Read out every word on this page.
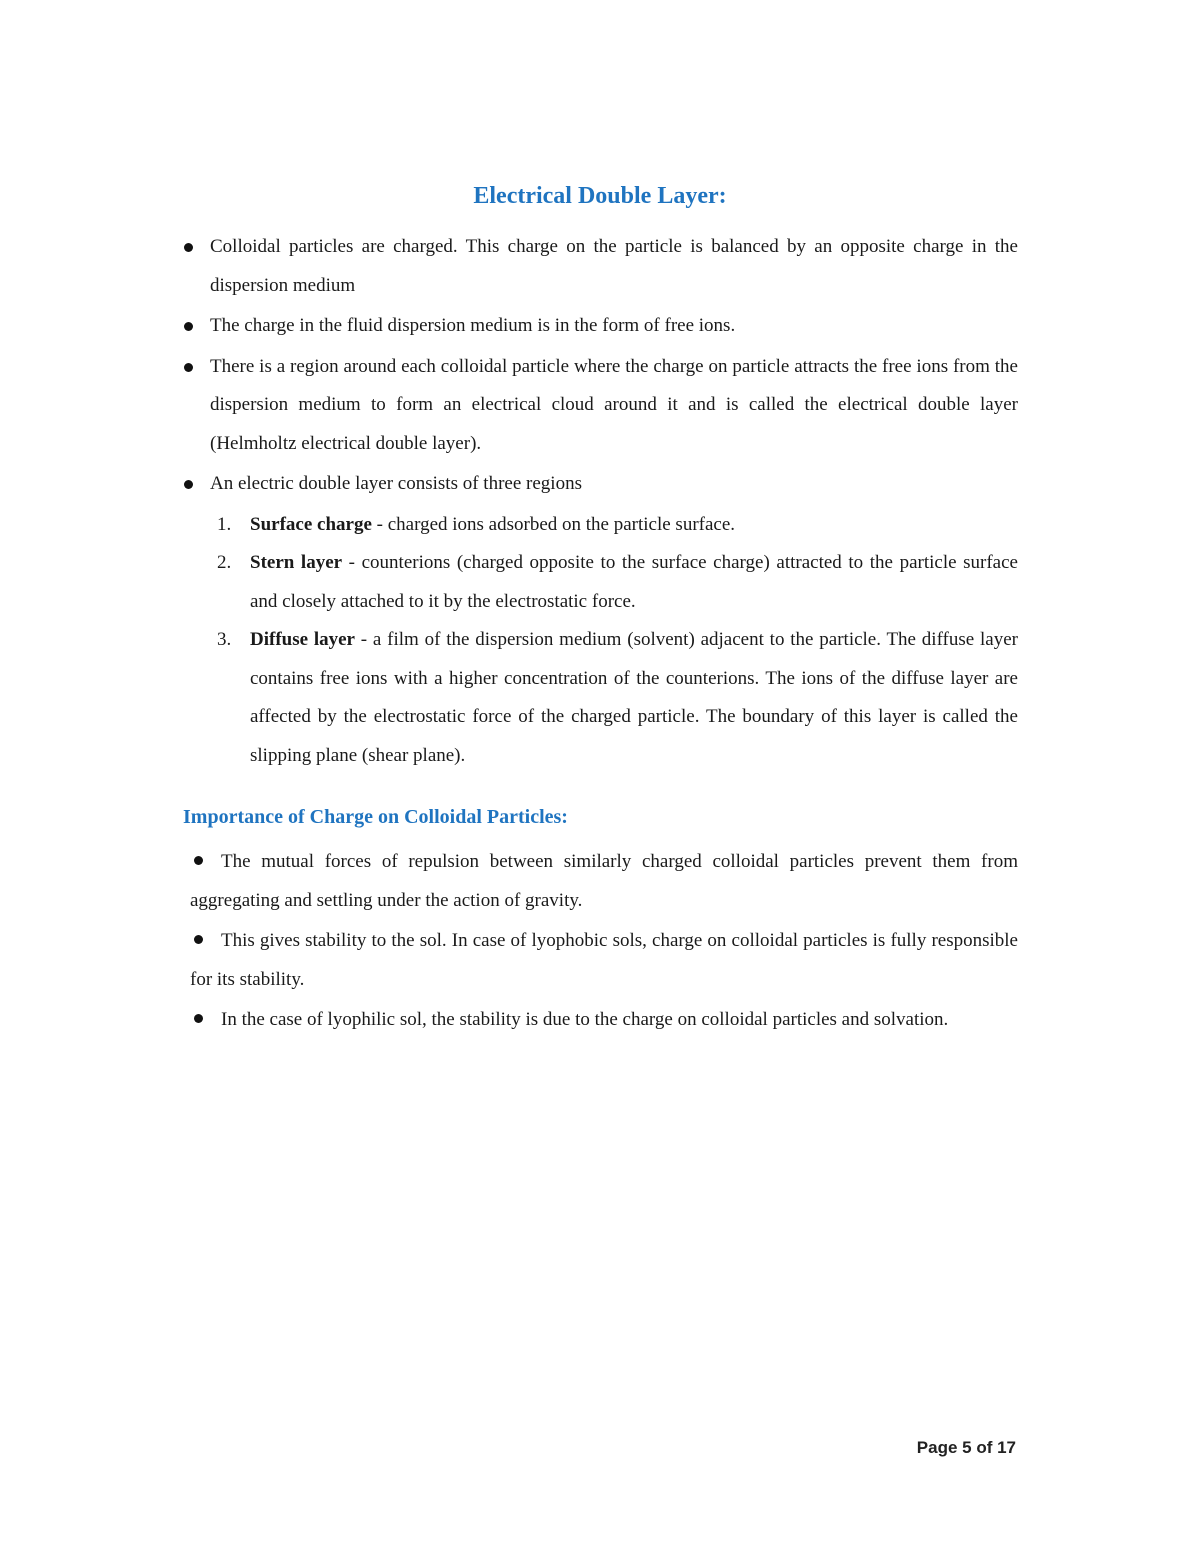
Electrical Double Layer:
Colloidal particles are charged. This charge on the particle is balanced by an opposite charge in the dispersion medium
The charge in the fluid dispersion medium is in the form of free ions.
There is a region around each colloidal particle where the charge on particle attracts the free ions from the dispersion medium to form an electrical cloud around it and is called the electrical double layer (Helmholtz electrical double layer).
An electric double layer consists of three regions
1. Surface charge - charged ions adsorbed on the particle surface.
2. Stern layer - counterions (charged opposite to the surface charge) attracted to the particle surface and closely attached to it by the electrostatic force.
3. Diffuse layer - a film of the dispersion medium (solvent) adjacent to the particle. The diffuse layer contains free ions with a higher concentration of the counterions. The ions of the diffuse layer are affected by the electrostatic force of the charged particle. The boundary of this layer is called the slipping plane (shear plane).
Importance of Charge on Colloidal Particles:
The mutual forces of repulsion between similarly charged colloidal particles prevent them from aggregating and settling under the action of gravity.
This gives stability to the sol. In case of lyophobic sols, charge on colloidal particles is fully responsible for its stability.
In the case of lyophilic sol, the stability is due to the charge on colloidal particles and solvation.
Page 5 of 17
